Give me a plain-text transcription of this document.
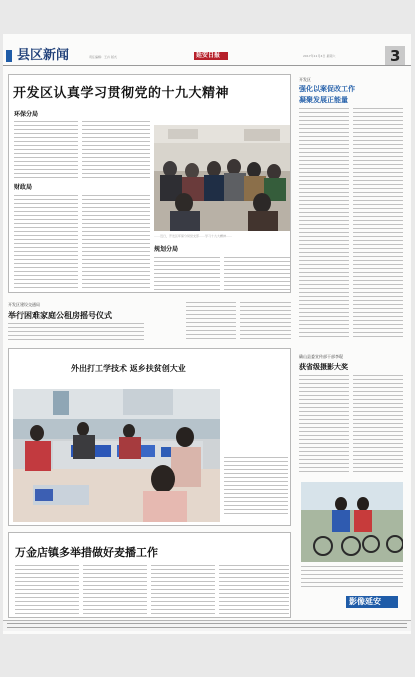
县区新闻	责任编辑：王卉 版式	延安日报	2017年11月4日 星期六	3
开发区认真学习贯彻党的十九大精神
环保分局
财政局
……近日，开发区环保分局党支部……学习十九大精神……
规划分局
开发区
强化以案促改工作
凝聚发展正能量
开发区建设交通局
举行困难家庭公租房摇号仪式
外出打工学技术 返乡扶贫创大业
确山县委宣传部干部李琨
获省级摄影大奖
影像延安
万金店镇多举措做好麦播工作
